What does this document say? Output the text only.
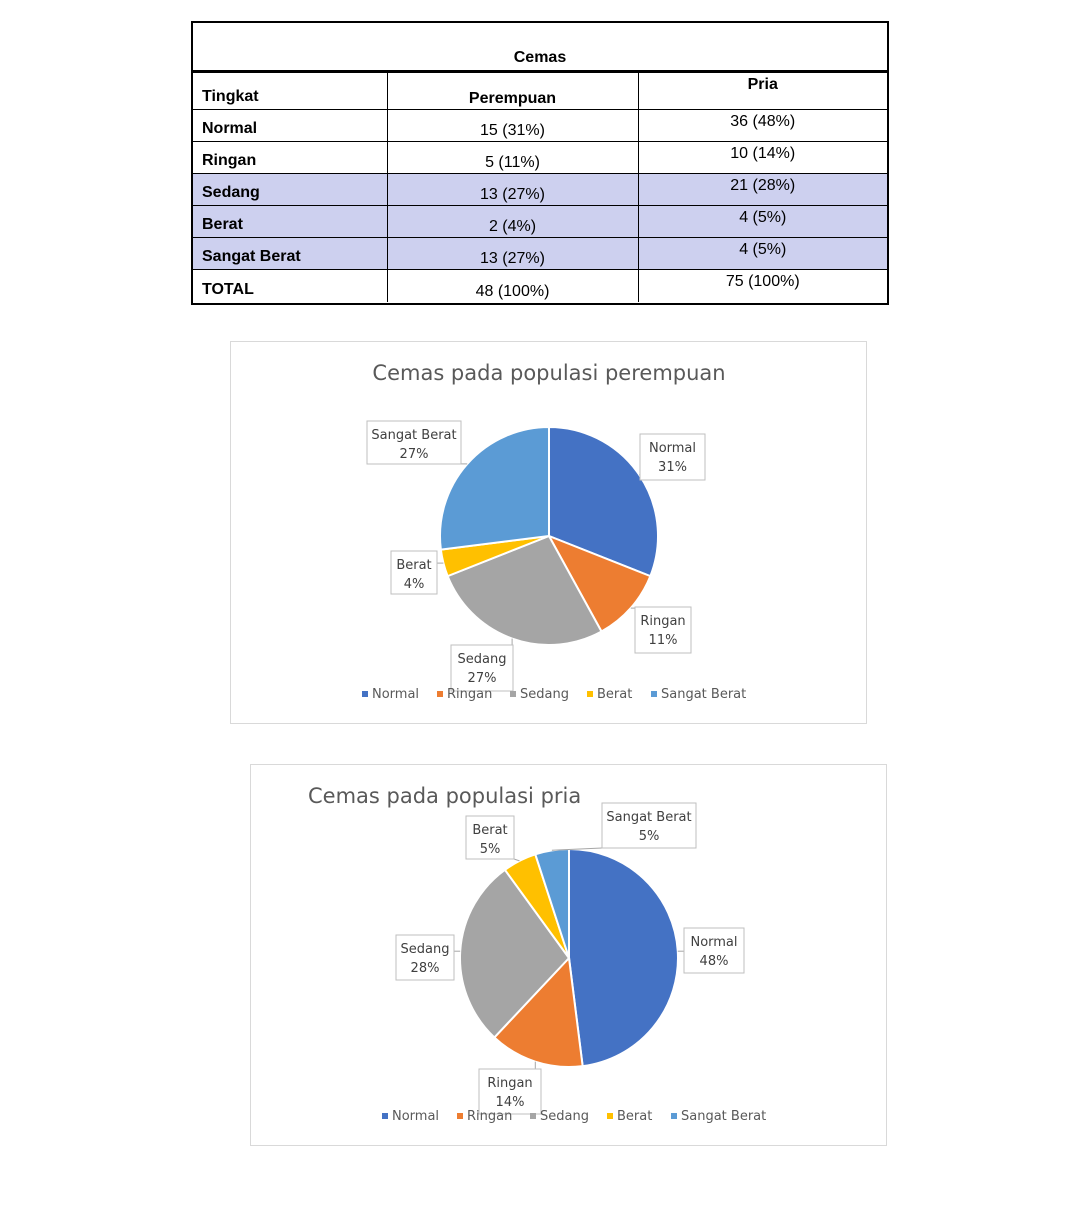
Cemas
Tingkat	Perempuan	Pria
Normal	15 (31%)	36 (48%)
Ringan	5 (11%)	10 (14%)
Sedang	13 (27%)	21 (28%)
Berat	2 (4%)	4 (5%)
Sangat Berat	13 (27%)	4 (5%)
TOTAL	48 (100%)	75 (100%)
Cemas pada populasi perempuan
Normal
31%
Ringan
11%
Sedang
27%
Berat
4%
Sangat Berat
27%
Normal Ringan Sedang Berat Sangat Berat
Cemas pada populasi pria
Normal
48%
Ringan
14%
Sedang
28%
Berat
5%
Sangat Berat
5%
Normal Ringan Sedang Berat Sangat Berat
